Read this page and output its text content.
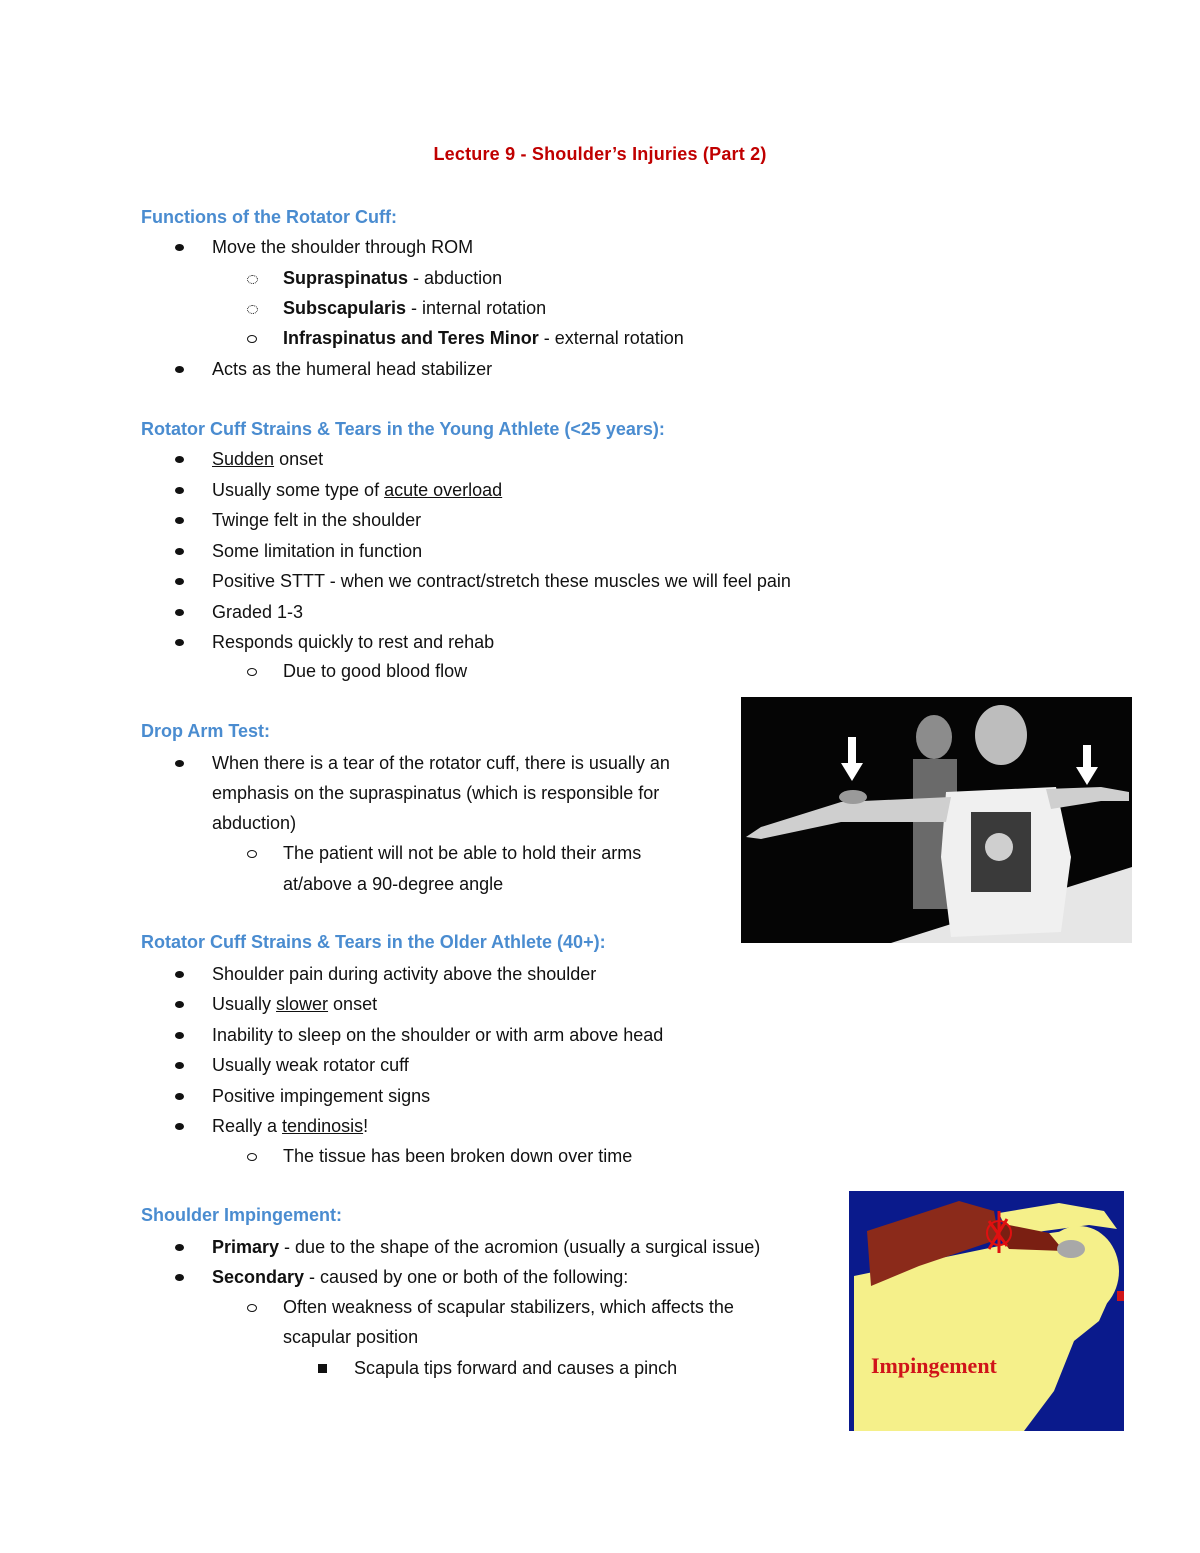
Lecture 9 - Shoulder’s Injuries (Part 2)
Functions of the Rotator Cuff:
Move the shoulder through ROM
Supraspinatus - abduction
Subscapularis - internal rotation
Infraspinatus and Teres Minor - external rotation
Acts as the humeral head stabilizer
Rotator Cuff Strains & Tears in the Young Athlete (<25 years):
Sudden onset
Usually some type of acute overload
Twinge felt in the shoulder
Some limitation in function
Positive STTT - when we contract/stretch these muscles we will feel pain
Graded 1-3
Responds quickly to rest and rehab
Due to good blood flow
Drop Arm Test:
When there is a tear of the rotator cuff, there is usually an
emphasis on the supraspinatus (which is responsible for
abduction)
The patient will not be able to hold their arms
at/above a 90-degree angle
Rotator Cuff Strains & Tears in the Older Athlete (40+):
Shoulder pain during activity above the shoulder
Usually slower onset
Inability to sleep on the shoulder or with arm above head
Usually weak rotator cuff
Positive impingement signs
Really a tendinosis!
The tissue has been broken down over time
Shoulder Impingement:
Primary - due to the shape of the acromion (usually a surgical issue)
Secondary - caused by one or both of the following:
Often weakness of scapular stabilizers, which affects the
scapular position
Scapula tips forward and causes a pinch	Impingement
